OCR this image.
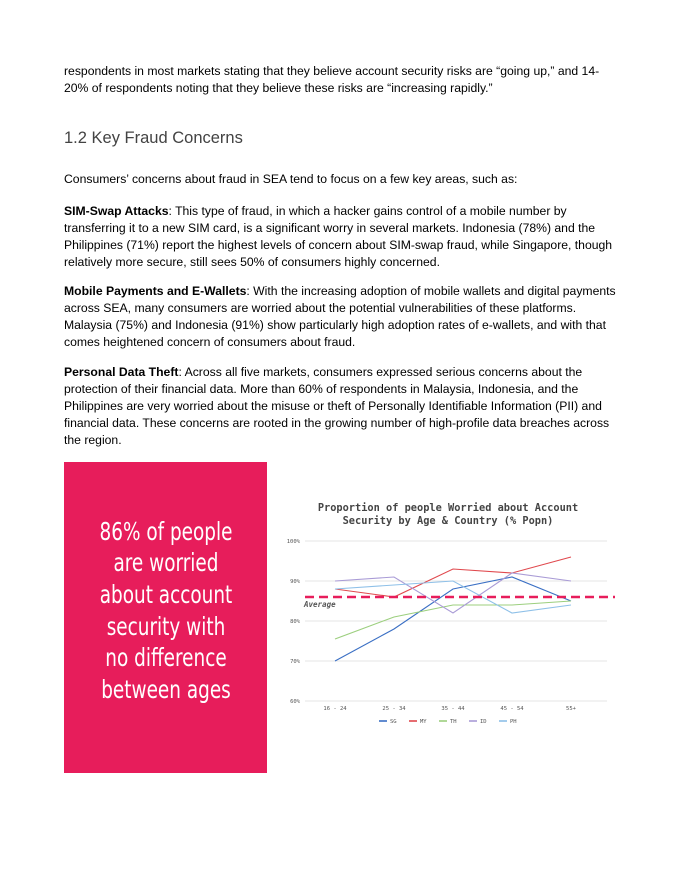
respondents in most markets stating that they believe account security risks are “going up,” and 14-20% of respondents noting that they believe these risks are “increasing rapidly.”

1.2 Key Fraud Concerns

Consumers’ concerns about fraud in SEA tend to focus on a few key areas, such as:

SIM-Swap Attacks: This type of fraud, in which a hacker gains control of a mobile number by transferring it to a new SIM card, is a significant worry in several markets. Indonesia (78%) and the Philippines (71%) report the highest levels of concern about SIM-swap fraud, while Singapore, though relatively more secure, still sees 50% of consumers highly concerned.

Mobile Payments and E-Wallets: With the increasing adoption of mobile wallets and digital payments across SEA, many consumers are worried about the potential vulnerabilities of these platforms. Malaysia (75%) and Indonesia (91%) show particularly high adoption rates of e-wallets, and with that comes heightened concern of consumers about fraud.

Personal Data Theft: Across all five markets, consumers expressed serious concerns about the protection of their financial data. More than 60% of respondents in Malaysia, Indonesia, and the Philippines are very worried about the misuse or theft of Personally Identifiable Information (PII) and financial data. These concerns are rooted in the growing number of high-profile data breaches across the region.

86% of people are worried about account security with no difference between ages
Proportion of people Worried about Account
Security by Age & Country (% Popn)
60%
70%
80%
90%
100%
16 - 24	25 - 34	35 - 44	45 - 54	55+
Average
SG	MY	TH	ID	PH
